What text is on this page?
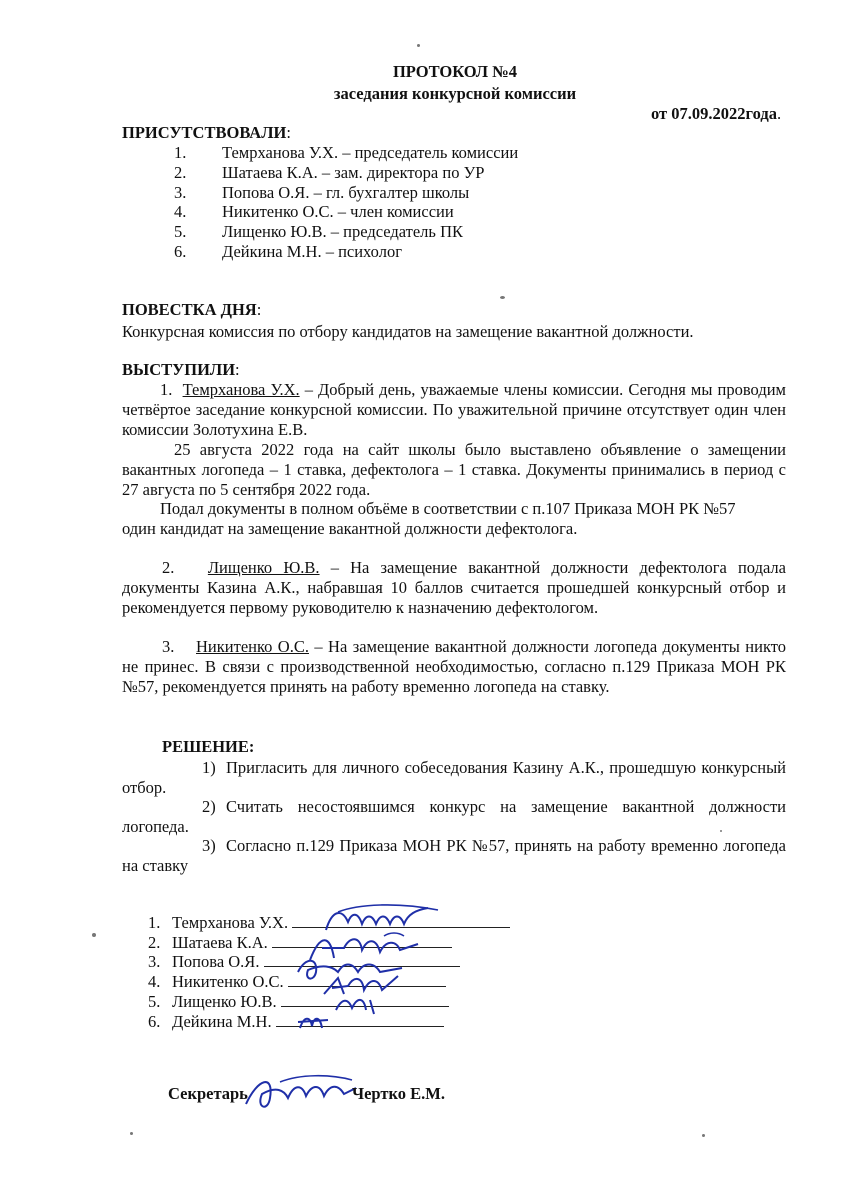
ПРОТОКОЛ №4
заседания конкурсной комиссии
от 07.09.2022года.
ПРИСУТСТВОВАЛИ:
1. Темрханова У.Х. – председатель комиссии
2. Шатаева К.А. – зам. директора по УР
3. Попова О.Я. – гл. бухгалтер школы
4. Никитенко О.С. – член комиссии
5. Лищенко Ю.В. – председатель ПК
6. Дейкина М.Н. – психолог
ПОВЕСТКА ДНЯ:
Конкурсная комиссия по отбору кандидатов на замещение вакантной должности.
ВЫСТУПИЛИ:
1. Темрханова У.Х. – Добрый день, уважаемые члены комиссии. Сегодня мы проводим четвёртое заседание конкурсной комиссии. По уважительной причине отсутствует один член комиссии Золотухина Е.В.
25 августа 2022 года на сайт школы было выставлено объявление о замещении вакантных логопеда – 1 ставка, дефектолога – 1 ставка. Документы принимались в период с 27 августа по 5 сентября 2022 года.
Подал документы в полном объёме в соответствии с п.107 Приказа МОН РК №57
один кандидат на замещение вакантной должности дефектолога.
2. Лищенко Ю.В. – На замещение вакантной должности дефектолога подала документы Казина А.К., набравшая 10 баллов считается прошедшей конкурсный отбор и рекомендуется первому руководителю к назначению дефектологом.
3. Никитенко О.С. – На замещение вакантной должности логопеда документы никто не принес. В связи с производственной необходимостью, согласно п.129 Приказа МОН РК №57, рекомендуется принять на работу временно логопеда на ставку.
РЕШЕНИЕ:
1) Пригласить для личного собеседования Казину А.К., прошедшую конкурсный отбор.
2) Считать несостоявшимся конкурс на замещение вакантной должности логопеда.
3) Согласно п.129 Приказа МОН РК №57, принять на работу временно логопеда на ставку
1. Темрханова У.Х.
2. Шатаева К.А.
3. Попова О.Я.
4. Никитенко О.С.
5. Лищенко Ю.В.
6. Дейкина М.Н.
Секретарь	Чертко Е.М.
